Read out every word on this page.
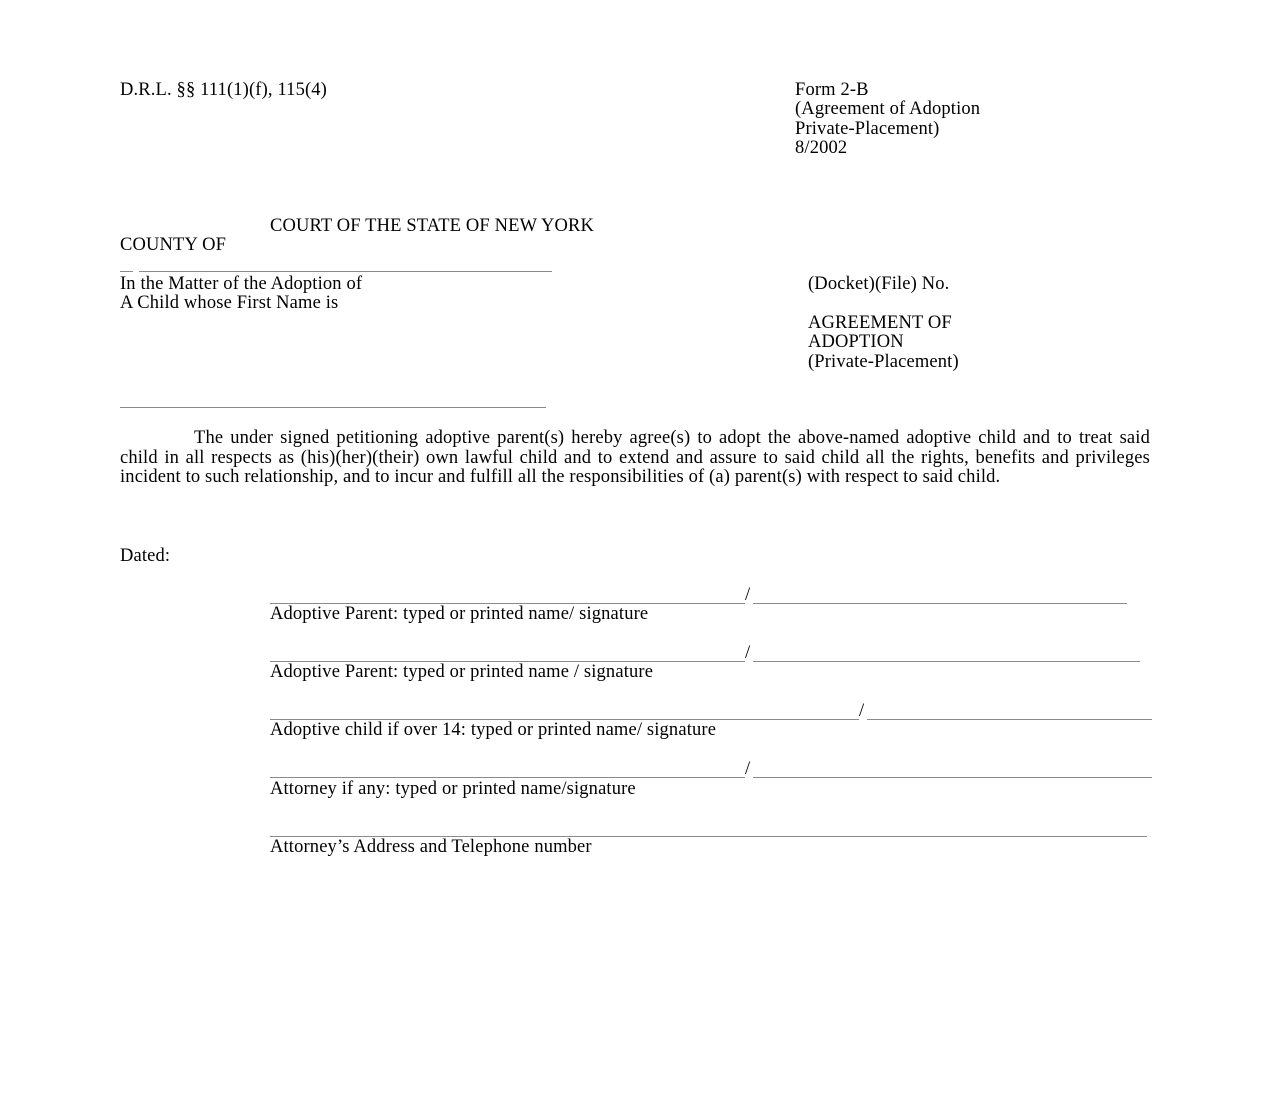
D.R.L. §§ 111(1)(f), 115(4)	Form 2-B
(Agreement of Adoption
Private-Placement)
8/2002
COURT OF THE STATE OF NEW YORK
COUNTY OF
In the Matter of the Adoption of
A Child whose First Name is
(Docket)(File) No.
AGREEMENT OF
ADOPTION
(Private-Placement)
The under signed petitioning adoptive parent(s) hereby agree(s) to adopt the above-named adoptive child and to treat said child in all respects as (his)(her)(their) own lawful child and to extend and assure to said child all the rights, benefits and privileges incident to such relationship, and to incur and fulfill all the responsibilities of (a) parent(s) with respect to said child.
Dated:
/
Adoptive Parent: typed or printed name/ signature
/
Adoptive Parent: typed or printed name / signature
/
Adoptive child if over 14: typed or printed name/ signature
/
Attorney if any: typed or printed name/signature
Attorney’s Address and Telephone number
